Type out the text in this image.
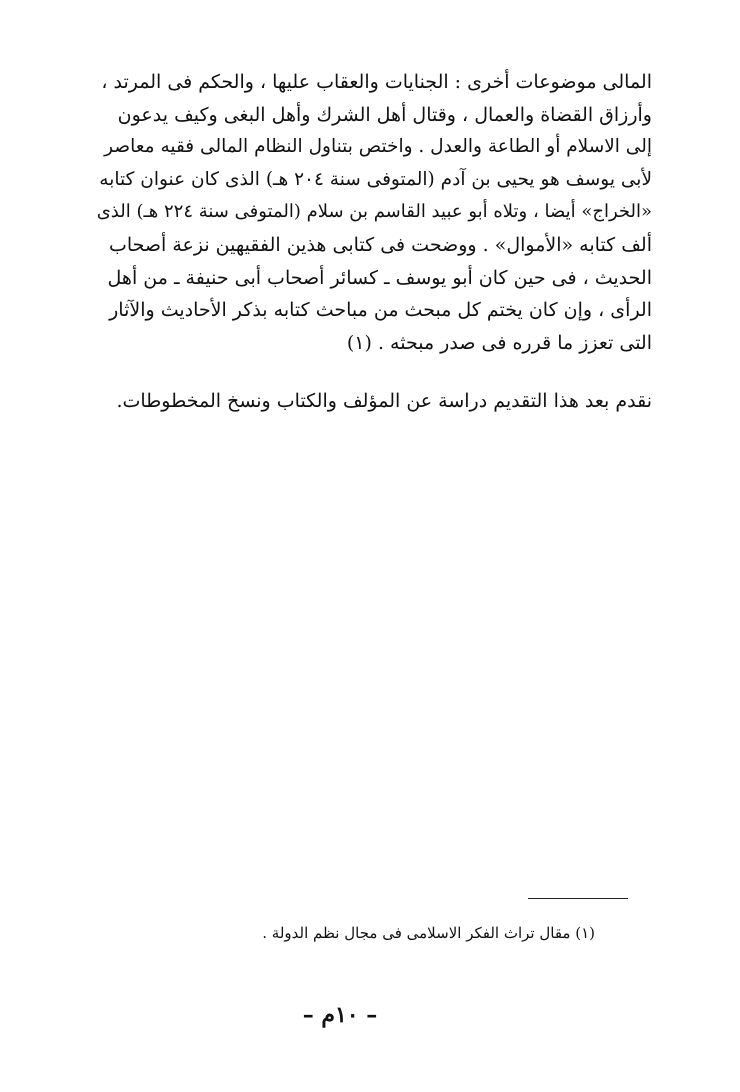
المالى موضوعات أخرى : الجنايات والعقاب عليها ، والحكم فى المرتد ،
وأرزاق القضاة والعمال ، وقتال أهل الشرك وأهل البغى وكيف يدعون
إلى الاسلام أو الطاعة والعدل . واختص بتناول النظام المالى فقيه معاصر
لأبى يوسف هو يحيى بن آدم (المتوفى سنة ٢٠٤ هـ) الذى كان عنوان كتابه
«الخراج» أيضا ، وتلاه أبو عبيد القاسم بن سلام (المتوفى سنة ٢٢٤ هـ) الذى
ألف كتابه «الأموال» . ووضحت فى كتابى هذين الفقيهين نزعة أصحاب
الحديث ، فى حين كان أبو يوسف ـ كسائر أصحاب أبى حنيفة ـ من أهل
الرأى ، وإن كان يختم كل مبحث من مباحث كتابه بذكر الأحاديث والآثار
التى تعزز ما قرره فى صدر مبحثه . (١)
نقدم بعد هذا التقديم دراسة عن المؤلف والكتاب ونسخ المخطوطات.
(١) مقال تراث الفكر الاسلامى فى مجال نظم الدولة .
– ١٠م –
